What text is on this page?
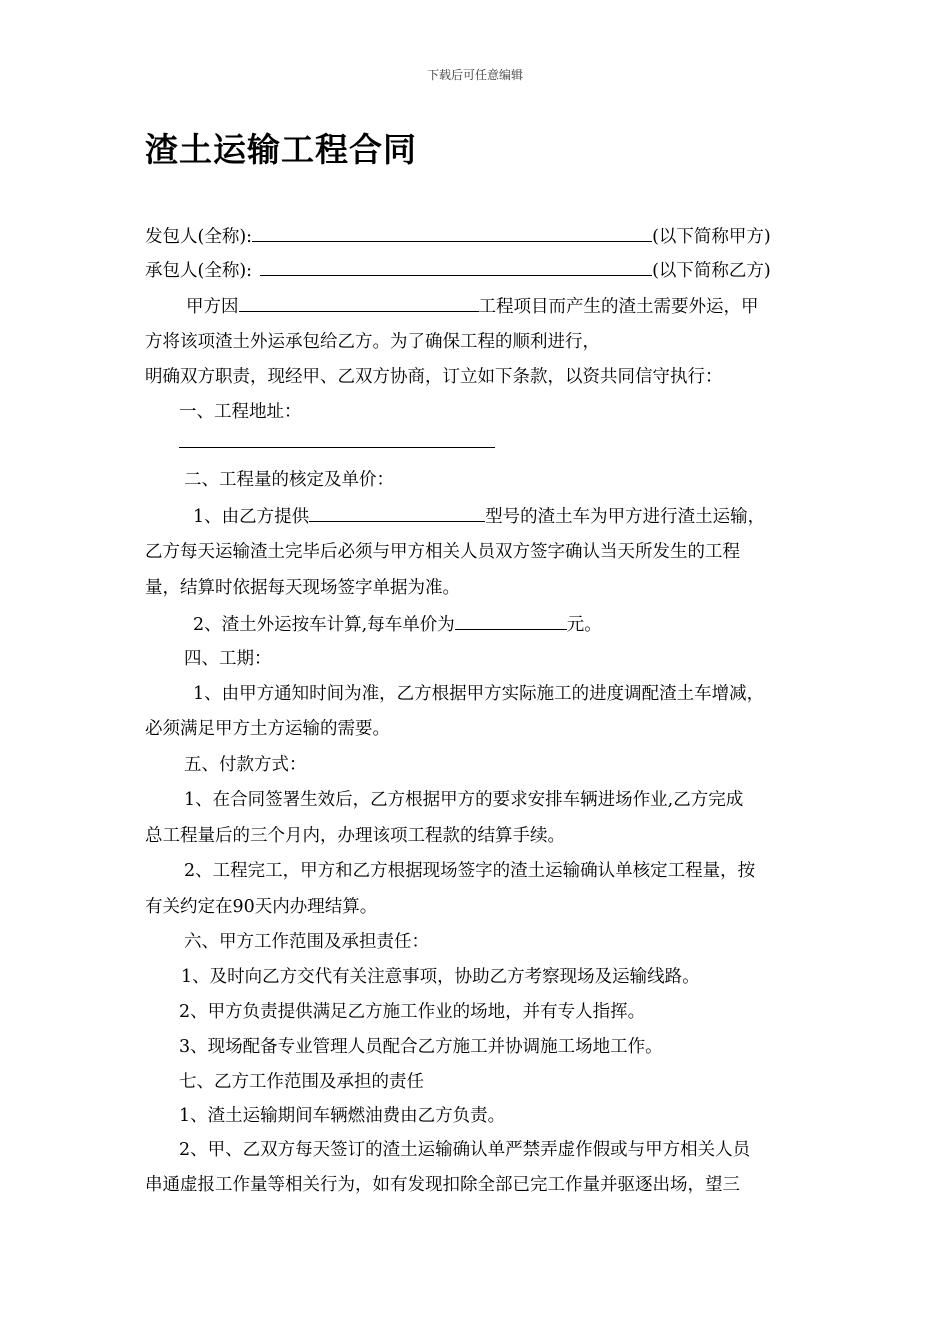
下载后可任意编辑
渣土运输工程合同
发包人(全称):	(以下简称甲方)
承包人(全称):	(以下简称乙方)
甲方因	工程项目而产生的渣土需要外运，甲
方将该项渣土外运承包给乙方。为了确保工程的顺利进行，
明确双方职责，现经甲、乙双方协商，订立如下条款，以资共同信守执行：
一、工程地址：
二、工程量的核定及单价：
1、由乙方提供	型号的渣土车为甲方进行渣土运输，
乙方每天运输渣土完毕后必须与甲方相关人员双方签字确认当天所发生的工程
量，结算时依据每天现场签字单据为准。
2、渣土外运按车计算,每车单价为	元。
四、工期：
1、由甲方通知时间为准，乙方根据甲方实际施工的进度调配渣土车增减，
必须满足甲方土方运输的需要。
五、付款方式：
1、在合同签署生效后，乙方根据甲方的要求安排车辆进场作业,乙方完成
总工程量后的三个月内，办理该项工程款的结算手续。
2、工程完工，甲方和乙方根据现场签字的渣土运输确认单核定工程量，按
有关约定在90天内办理结算。
六、甲方工作范围及承担责任：
1、及时向乙方交代有关注意事项，协助乙方考察现场及运输线路。
2、甲方负责提供满足乙方施工作业的场地，并有专人指挥。
3、现场配备专业管理人员配合乙方施工并协调施工场地工作。
七、乙方工作范围及承担的责任
1、渣土运输期间车辆燃油费由乙方负责。
2、甲、乙双方每天签订的渣土运输确认单严禁弄虚作假或与甲方相关人员
串通虚报工作量等相关行为，如有发现扣除全部已完工作量并驱逐出场，望三
